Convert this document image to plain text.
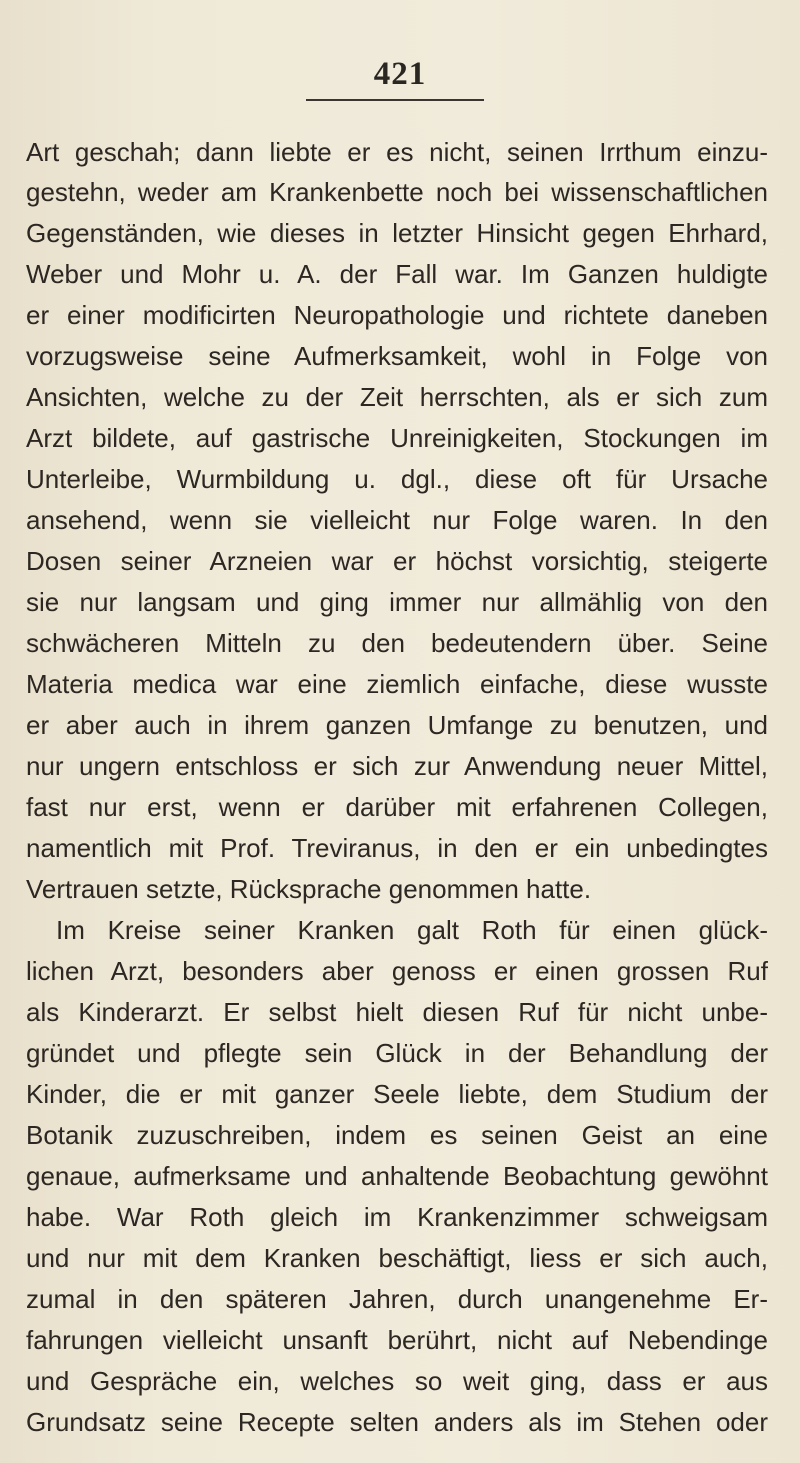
421
Art geschah; dann liebte er es nicht, seinen Irrthum einzu-
gestehn, weder am Krankenbette noch bei wissenschaftlichen
Gegenständen, wie dieses in letzter Hinsicht gegen Ehrhard,
Weber und Mohr u. A. der Fall war. Im Ganzen huldigte
er einer modificirten Neuropathologie und richtete daneben
vorzugsweise seine Aufmerksamkeit, wohl in Folge von
Ansichten, welche zu der Zeit herrschten, als er sich zum
Arzt bildete, auf gastrische Unreinigkeiten, Stockungen im
Unterleibe, Wurmbildung u. dgl., diese oft für Ursache
ansehend, wenn sie vielleicht nur Folge waren. In den
Dosen seiner Arzneien war er höchst vorsichtig, steigerte
sie nur langsam und ging immer nur allmählig von den
schwächeren Mitteln zu den bedeutendern über. Seine
Materia medica war eine ziemlich einfache, diese wusste
er aber auch in ihrem ganzen Umfange zu benutzen, und
nur ungern entschloss er sich zur Anwendung neuer Mittel,
fast nur erst, wenn er darüber mit erfahrenen Collegen,
namentlich mit Prof. Treviranus, in den er ein unbedingtes
Vertrauen setzte, Rücksprache genommen hatte.
Im Kreise seiner Kranken galt Roth für einen glück-
lichen Arzt, besonders aber genoss er einen grossen Ruf
als Kinderarzt. Er selbst hielt diesen Ruf für nicht unbe-
gründet und pflegte sein Glück in der Behandlung der
Kinder, die er mit ganzer Seele liebte, dem Studium der
Botanik zuzuschreiben, indem es seinen Geist an eine
genaue, aufmerksame und anhaltende Beobachtung gewöhnt
habe. War Roth gleich im Krankenzimmer schweigsam
und nur mit dem Kranken beschäftigt, liess er sich auch,
zumal in den späteren Jahren, durch unangenehme Er-
fahrungen vielleicht unsanft berührt, nicht auf Nebendinge
und Gespräche ein, welches so weit ging, dass er aus
Grundsatz seine Recepte selten anders als im Stehen oder
